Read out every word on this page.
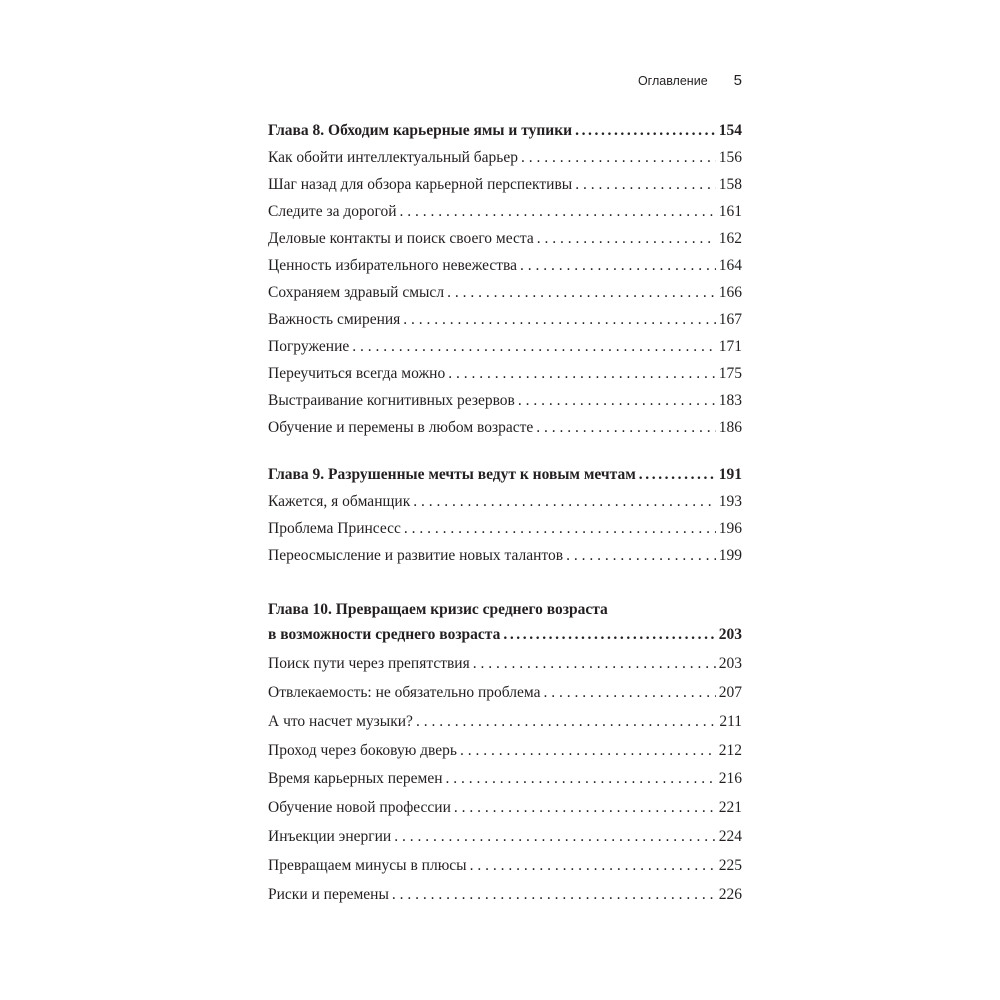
Оглавление 5
Глава 8. Обходим карьерные ямы и тупики .....	154
Как обойти интеллектуальный барьер . . .	156
Шаг назад для обзора карьерной перспективы . . .	158
Следите за дорогой . . .	161
Деловые контакты и поиск своего места . . .	162
Ценность избирательного невежества . . .	164
Сохраняем здравый смысл . . .	166
Важность смирения . . .	167
Погружение . . .	171
Переучиться всегда можно . . .	175
Выстраивание когнитивных резервов . . .	183
Обучение и перемены в любом возрасте . . .	186
Глава 9. Разрушенные мечты ведут к новым мечтам .....	191
Кажется, я обманщик . . .	193
Проблема Принсесс . . .	196
Переосмысление и развитие новых талантов . . .	199
Глава 10. Превращаем кризис среднего возраста
в возможности среднего возраста .....	203
Поиск пути через препятствия . . .	203
Отвлекаемость: не обязательно проблема . . .	207
А что насчет музыки? . . .	211
Проход через боковую дверь . . .	212
Время карьерных перемен . . .	216
Обучение новой профессии . . .	221
Инъекции энергии . . .	224
Превращаем минусы в плюсы . . .	225
Риски и перемены . . .	226
